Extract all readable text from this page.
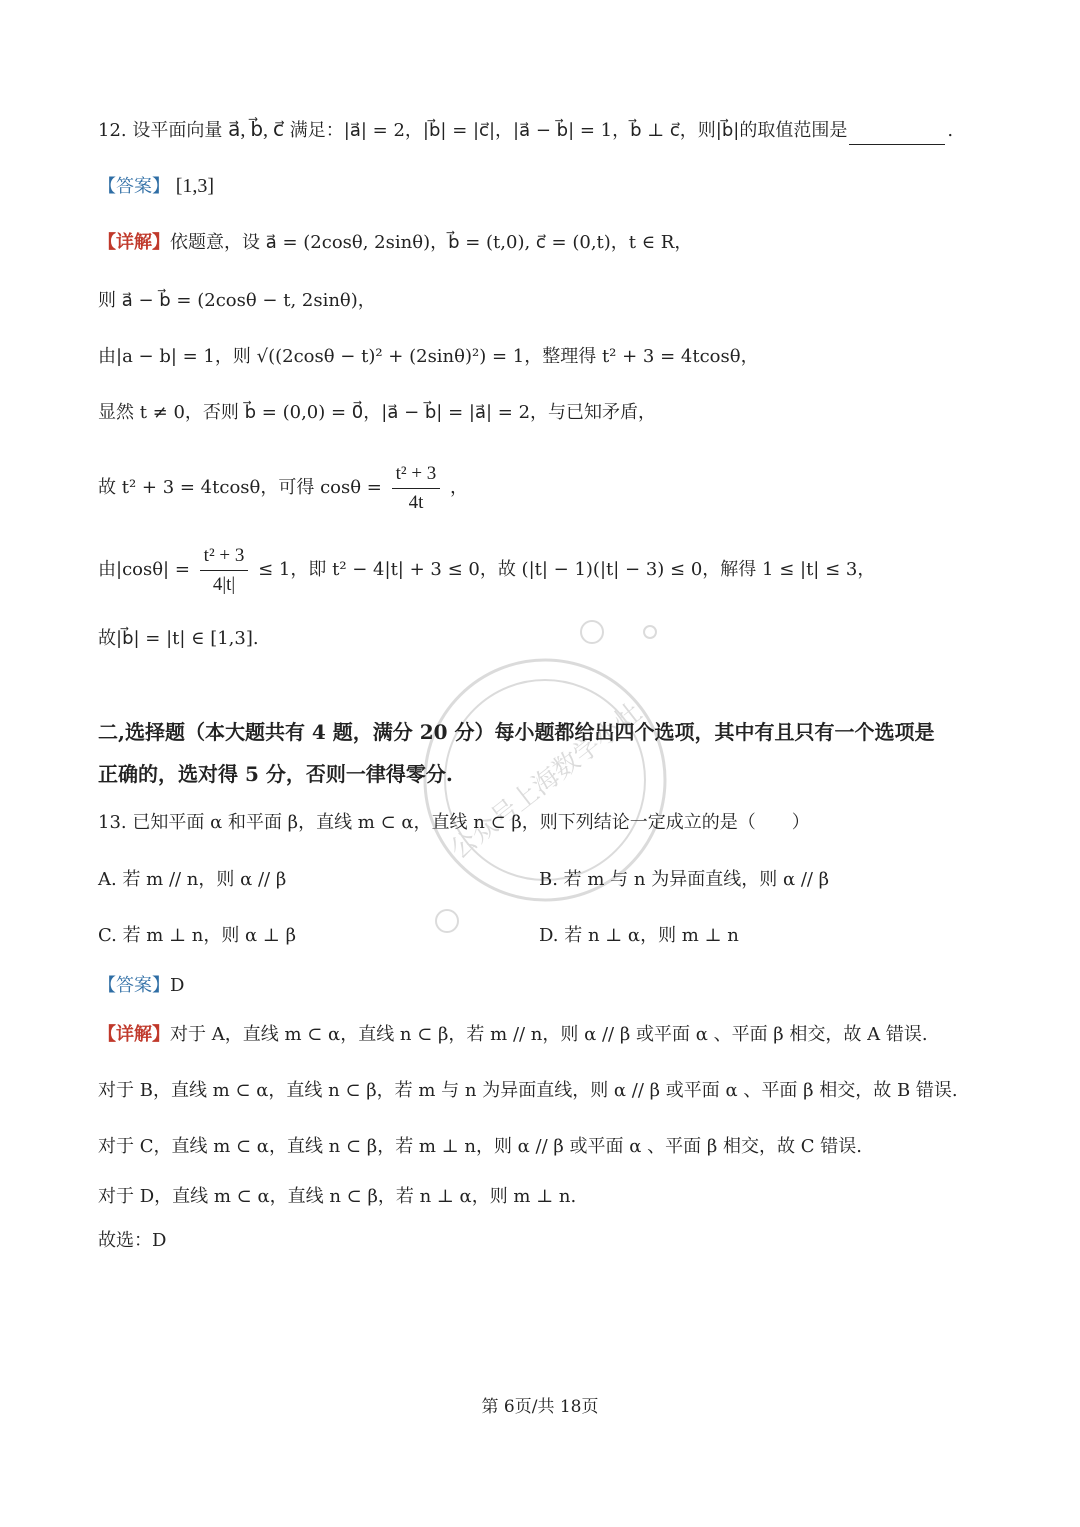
12. 设平面向量 a⃗, b⃗, c⃗ 满足：|a⃗| = 2，|b⃗| = |c⃗|，|a⃗ − b⃗| = 1，b⃗ ⊥ c⃗，则|b⃗|的取值范围是	.
【答案】 [1,3]
【详解】依题意，设 a⃗ = (2cosθ, 2sinθ)，b⃗ = (t,0), c⃗ = (0,t)，t ∈ R，
则 a⃗ − b⃗ = (2cosθ − t, 2sinθ)，
由|a − b| = 1，则 √((2cosθ − t)² + (2sinθ)²) = 1，整理得 t² + 3 = 4tcosθ，
显然 t ≠ 0，否则 b⃗ = (0,0) = 0⃗，|a⃗ − b⃗| = |a⃗| = 2，与已知矛盾，
故 t² + 3 = 4tcosθ，可得 $\cos\theta = \frac{\text{t² + 3}}{4t}$ ，
由$|\cos\theta| = \frac{\text{t² + 3}}{4|t|} \le 1$，即 t² − 4|t| + 3 ≤ 0，故 (|t| − 1)(|t| − 3) ≤ 0，解得 1 ≤ |t| ≤ 3，
故|b⃗| = |t| ∈ [1,3].
公众号上海数学小灶
二,选择题（本大题共有 4 题，满分 20 分）每小题都给出四个选项，其中有且只有一个选项是
正确的，选对得 5 分，否则一律得零分.
13. 已知平面 α 和平面 β，直线 m ⊂ α，直线 n ⊂ β，则下列结论一定成立的是（　　）
A. 若 m // n，则 α // β	B. 若 m 与 n 为异面直线，则 α // β
C. 若 m ⊥ n，则 α ⊥ β	D. 若 n ⊥ α，则 m ⊥ n
【答案】D
【详解】对于 A，直线 m ⊂ α，直线 n ⊂ β，若 m // n，则 α // β 或平面 α 、平面 β 相交，故 A 错误.
对于 B，直线 m ⊂ α，直线 n ⊂ β，若 m 与 n 为异面直线，则 α // β 或平面 α 、平面 β 相交，故 B 错误.
对于 C，直线 m ⊂ α，直线 n ⊂ β，若 m ⊥ n，则 α // β 或平面 α 、平面 β 相交，故 C 错误.
对于 D，直线 m ⊂ α，直线 n ⊂ β，若 n ⊥ α，则 m ⊥ n.
故选：D
第 6页/共 18页
